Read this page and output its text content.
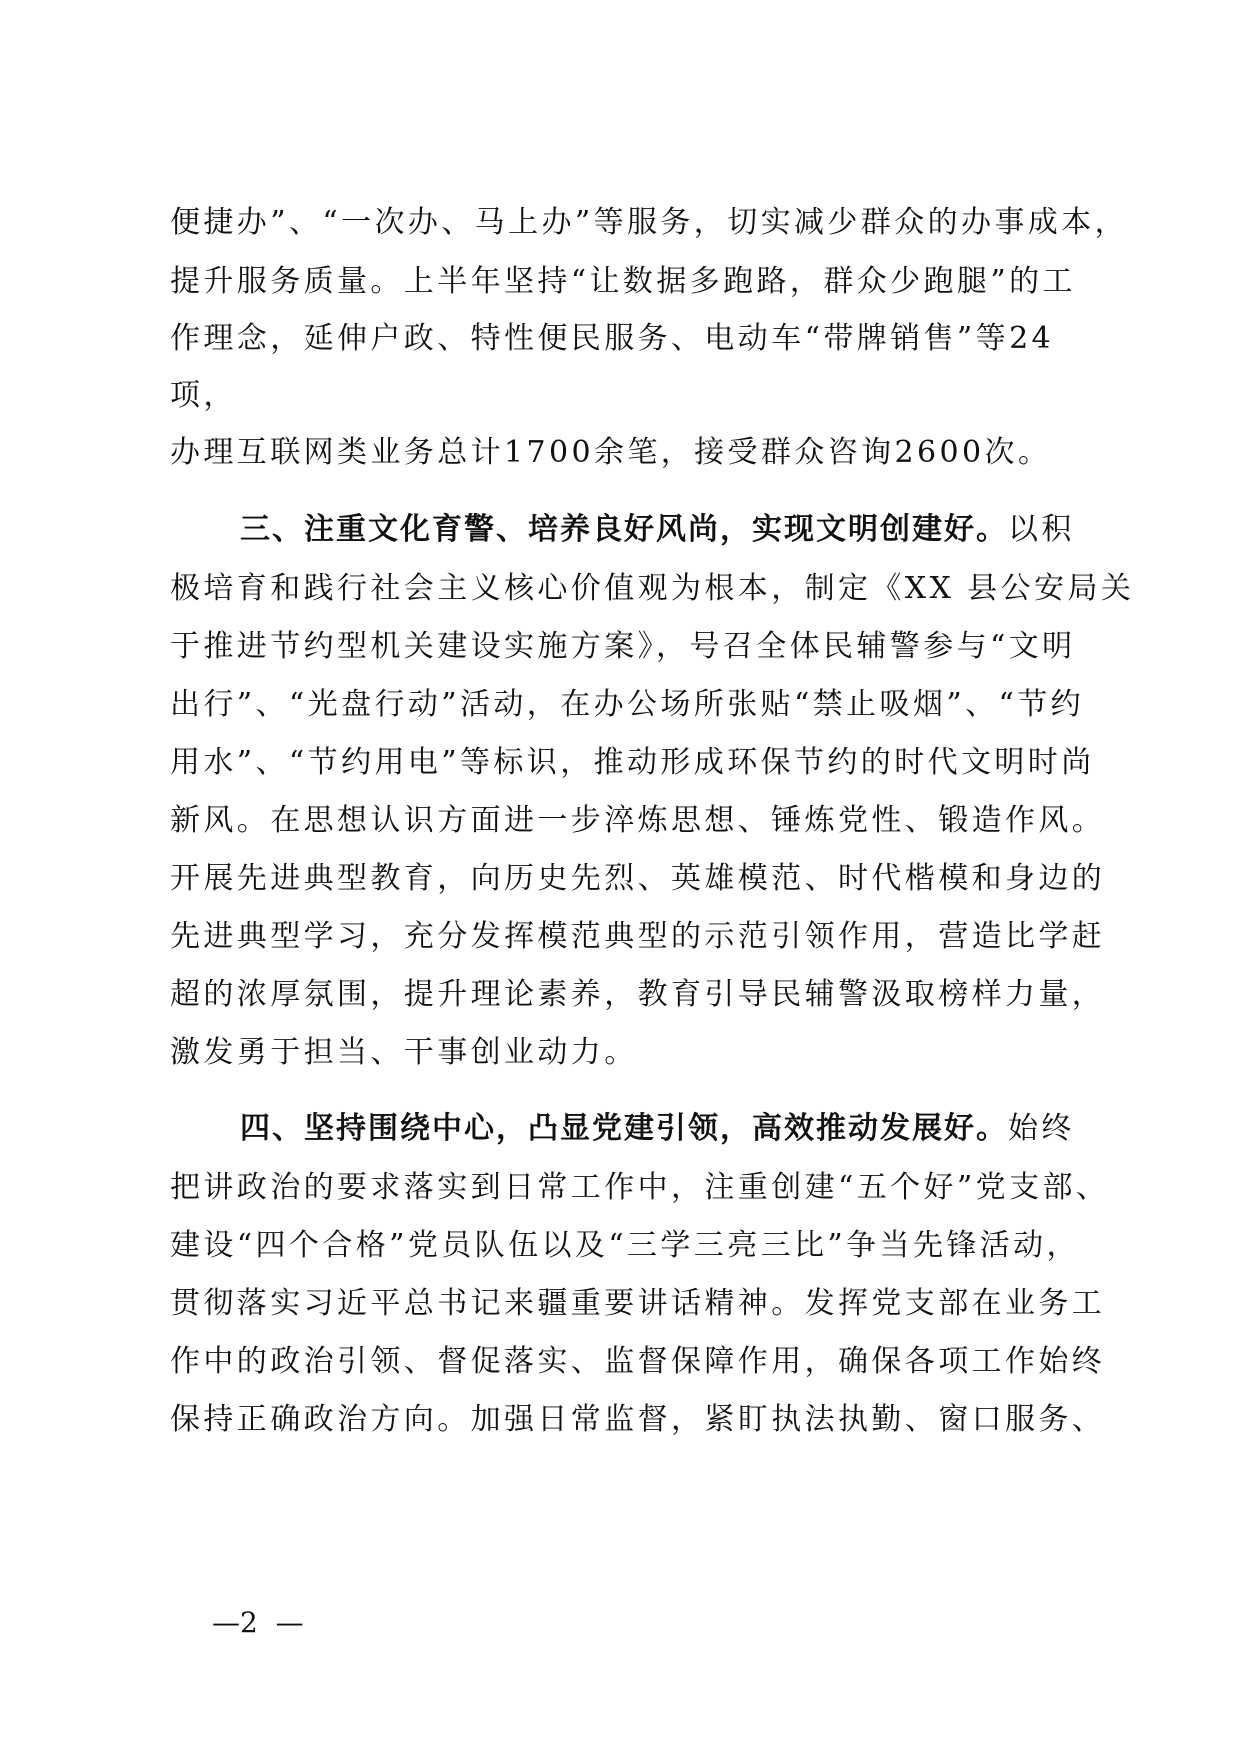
便捷办”、“一次办、马上办”等服务，切实减少群众的办事成本，
提升服务质量。上半年坚持“让数据多跑路，群众少跑腿”的工
作理念，延伸户政、特性便民服务、电动车“带牌销售”等24
项，
办理互联网类业务总计1700余笔，接受群众咨询2600次。
三、注重文化育警、培养良好风尚，实现文明创建好。以积
极培育和践行社会主义核心价值观为根本，制定《XX 县公安局关
于推进节约型机关建设实施方案》，号召全体民辅警参与“文明
出行”、“光盘行动”活动，在办公场所张贴“禁止吸烟”、“节约
用水”、“节约用电”等标识，推动形成环保节约的时代文明时尚
新风。在思想认识方面进一步淬炼思想、锤炼党性、锻造作风。
开展先进典型教育，向历史先烈、英雄模范、时代楷模和身边的
先进典型学习，充分发挥模范典型的示范引领作用，营造比学赶
超的浓厚氛围，提升理论素养，教育引导民辅警汲取榜样力量，
激发勇于担当、干事创业动力。
四、坚持围绕中心，凸显党建引领，高效推动发展好。始终
把讲政治的要求落实到日常工作中，注重创建“五个好”党支部、
建设“四个合格”党员队伍以及“三学三亮三比”争当先锋活动，
贯彻落实习近平总书记来疆重要讲话精神。发挥党支部在业务工
作中的政治引领、督促落实、监督保障作用，确保各项工作始终
保持正确政治方向。加强日常监督，紧盯执法执勤、窗口服务、
—2  —
